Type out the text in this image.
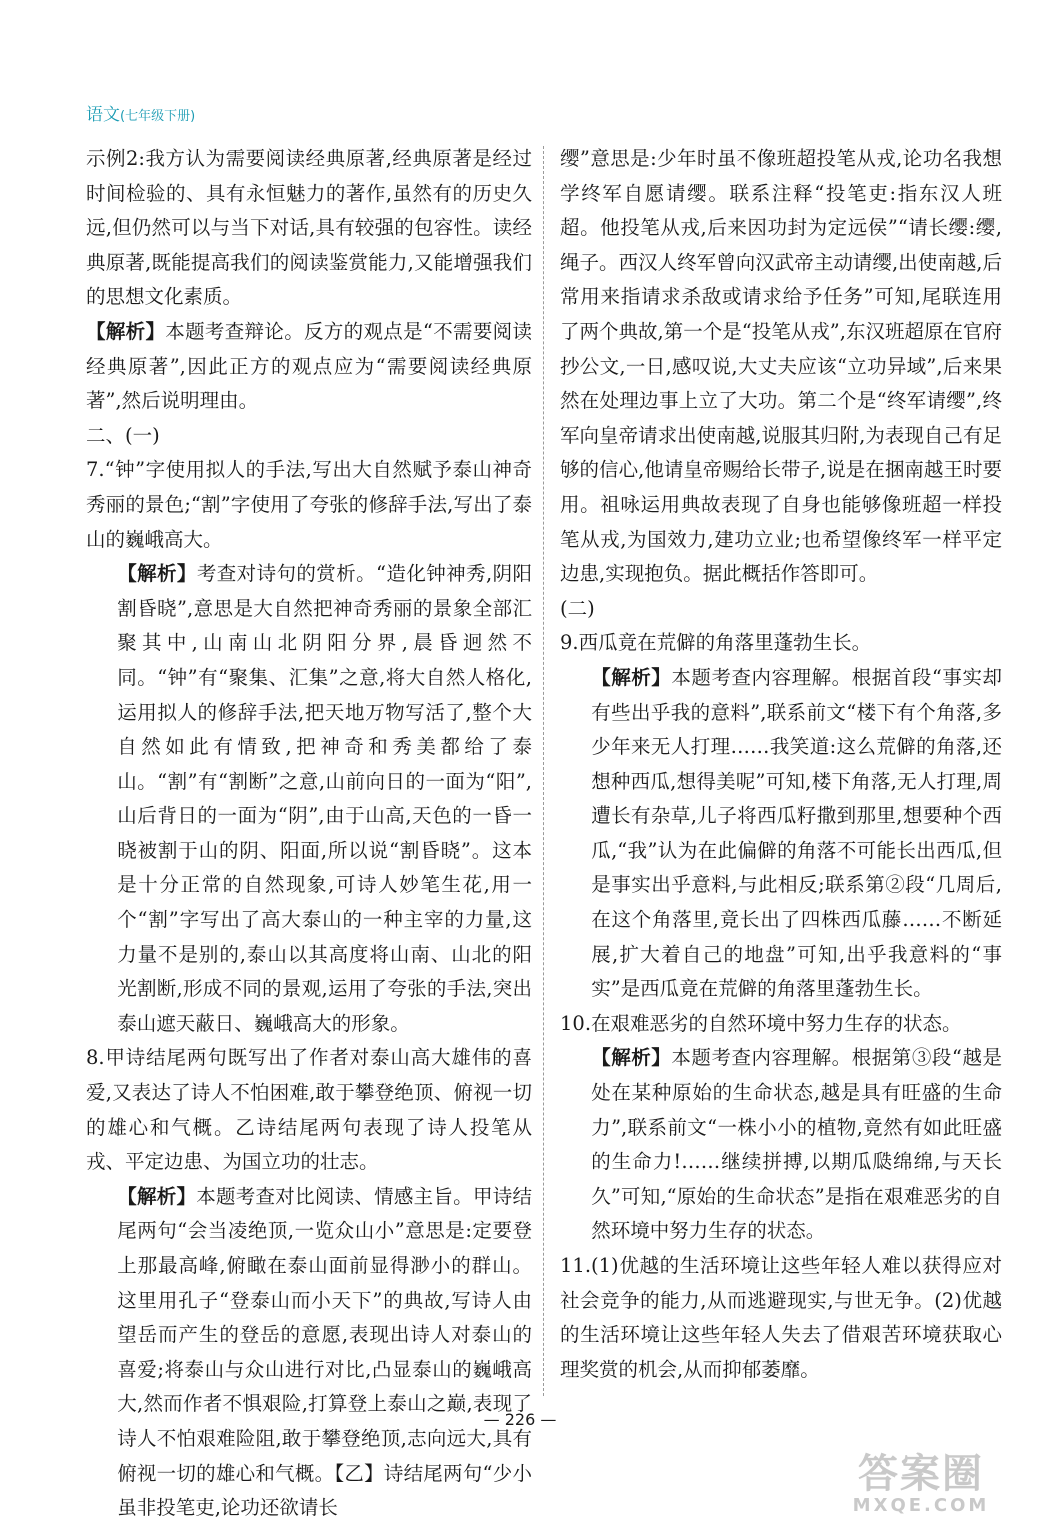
语文(七年级下册)

示例2:我方认为需要阅读经典原著,经典原著是经过时间检验的、具有永恒魅力的著作,虽然有的历史久远,但仍然可以与当下对话,具有较强的包容性。读经典原著,既能提高我们的阅读鉴赏能力,又能增强我们的思想文化素质。

【解析】本题考查辩论。反方的观点是“不需要阅读经典原著”,因此正方的观点应为“需要阅读经典原著”,然后说明理由。

二、(一)

7.“钟”字使用拟人的手法,写出大自然赋予泰山神奇秀丽的景色;“割”字使用了夸张的修辞手法,写出了泰山的巍峨高大。

【解析】考查对诗句的赏析。“造化钟神秀,阴阳割昏晓”,意思是大自然把神奇秀丽的景象全部汇聚其中,山南山北阴阳分界,晨昏迥然不同。“钟”有“聚集、汇集”之意,将大自然人格化,运用拟人的修辞手法,把天地万物写活了,整个大自然如此有情致,把神奇和秀美都给了泰山。“割”有“割断”之意,山前向日的一面为“阳”,山后背日的一面为“阴”,由于山高,天色的一昏一晓被割于山的阴、阳面,所以说“割昏晓”。这本是十分正常的自然现象,可诗人妙笔生花,用一个“割”字写出了高大泰山的一种主宰的力量,这力量不是别的,泰山以其高度将山南、山北的阳光割断,形成不同的景观,运用了夸张的手法,突出泰山遮天蔽日、巍峨高大的形象。

8.甲诗结尾两句既写出了作者对泰山高大雄伟的喜爱,又表达了诗人不怕困难,敢于攀登绝顶、俯视一切的雄心和气概。乙诗结尾两句表现了诗人投笔从戎、平定边患、为国立功的壮志。

【解析】本题考查对比阅读、情感主旨。甲诗结尾两句“会当凌绝顶,一览众山小”意思是:定要登上那最高峰,俯瞰在泰山面前显得渺小的群山。这里用孔子“登泰山而小天下”的典故,写诗人由望岳而产生的登岳的意愿,表现出诗人对泰山的喜爱;将泰山与众山进行对比,凸显泰山的巍峨高大,然而作者不惧艰险,打算登上泰山之巅,表现了诗人不怕艰难险阻,敢于攀登绝顶,志向远大,具有俯视一切的雄心和气概。【乙】诗结尾两句“少小虽非投笔吏,论功还欲请长

缨”意思是:少年时虽不像班超投笔从戎,论功名我想学终军自愿请缨。联系注释“投笔吏:指东汉人班超。他投笔从戎,后来因功封为定远侯”“请长缨:缨,绳子。西汉人终军曾向汉武帝主动请缨,出使南越,后常用来指请求杀敌或请求给予任务”可知,尾联连用了两个典故,第一个是“投笔从戎”,东汉班超原在官府抄公文,一日,感叹说,大丈夫应该“立功异域”,后来果然在处理边事上立了大功。第二个是“终军请缨”,终军向皇帝请求出使南越,说服其归附,为表现自己有足够的信心,他请皇帝赐给长带子,说是在捆南越王时要用。祖咏运用典故表现了自身也能够像班超一样投笔从戎,为国效力,建功立业;也希望像终军一样平定边患,实现抱负。据此概括作答即可。

(二)

9.西瓜竟在荒僻的角落里蓬勃生长。

【解析】本题考查内容理解。根据首段“事实却有些出乎我的意料”,联系前文“楼下有个角落,多少年来无人打理……我笑道:这么荒僻的角落,还想种西瓜,想得美呢”可知,楼下角落,无人打理,周遭长有杂草,儿子将西瓜籽撒到那里,想要种个西瓜,“我”认为在此偏僻的角落不可能长出西瓜,但是事实出乎意料,与此相反;联系第②段“几周后,在这个角落里,竟长出了四株西瓜藤……不断延展,扩大着自己的地盘”可知,出乎我意料的“事实”是西瓜竟在荒僻的角落里蓬勃生长。

10.在艰难恶劣的自然环境中努力生存的状态。

【解析】本题考查内容理解。根据第③段“越是处在某种原始的生命状态,越是具有旺盛的生命力”,联系前文“一株小小的植物,竟然有如此旺盛的生命力!……继续拼搏,以期瓜瓞绵绵,与天长久”可知,“原始的生命状态”是指在艰难恶劣的自然环境中努力生存的状态。

11.(1)优越的生活环境让这些年轻人难以获得应对社会竞争的能力,从而逃避现实,与世无争。(2)优越的生活环境让这些年轻人失去了借艰苦环境获取心理奖赏的机会,从而抑郁萎靡。

— 226 —
答案圈
MXQE.COM
